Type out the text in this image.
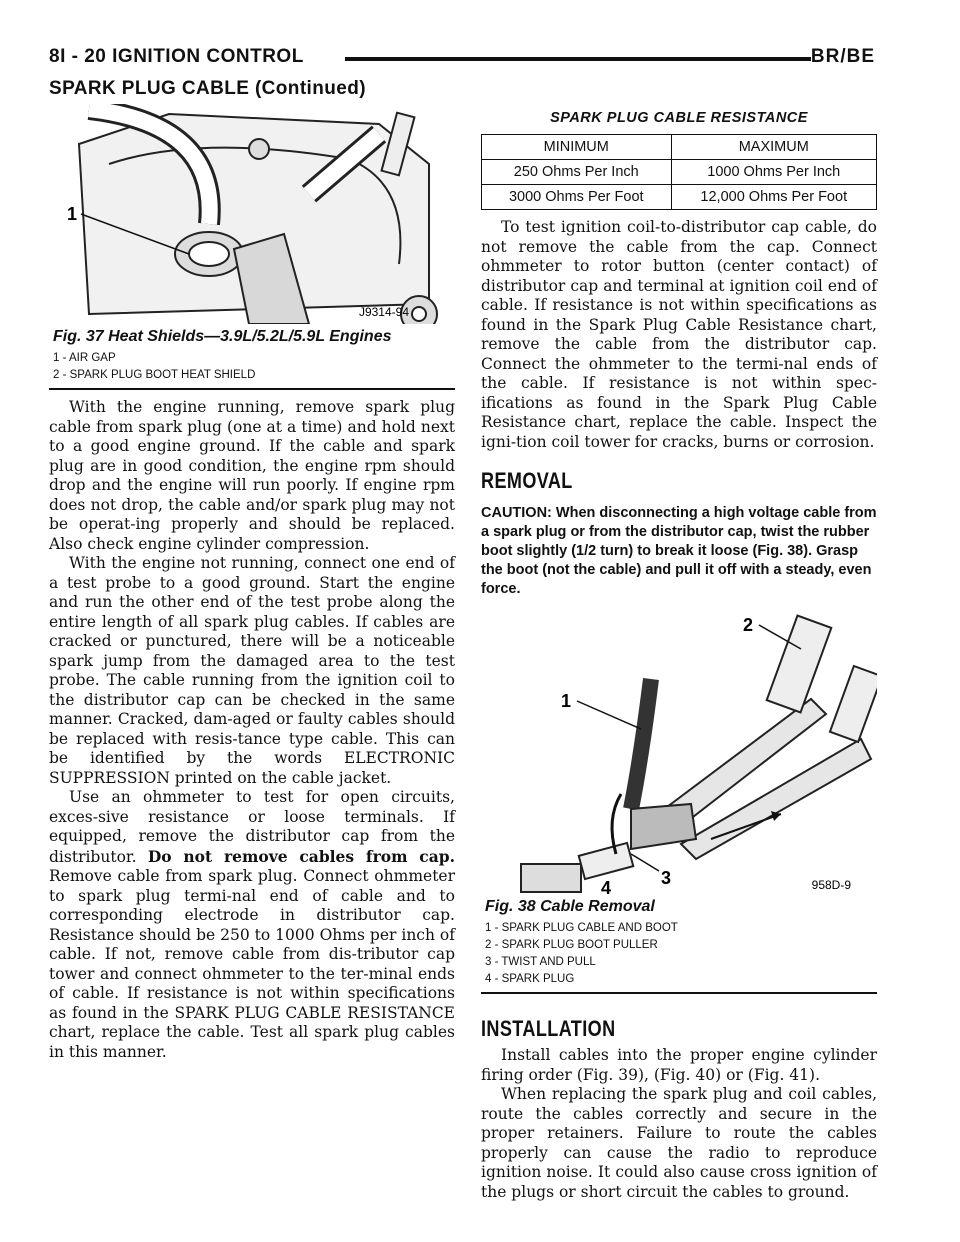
8I - 20 IGNITION CONTROL	BR/BE
SPARK PLUG CABLE (Continued)
1
J9314-94
Fig. 37 Heat Shields—3.9L/5.2L/5.9L Engines
1 - AIR GAP
2 - SPARK PLUG BOOT HEAT SHIELD

With the engine running, remove spark plug cable from spark plug (one at a time) and hold next to a good engine ground. If the cable and spark plug are in good condition, the engine rpm should drop and the engine will run poorly. If engine rpm does not drop, the cable and/or spark plug may not be operat-ing properly and should be replaced. Also check engine cylinder compression.

With the engine not running, connect one end of a test probe to a good ground. Start the engine and run the other end of the test probe along the entire length of all spark plug cables. If cables are cracked or punctured, there will be a noticeable spark jump from the damaged area to the test probe. The cable running from the ignition coil to the distributor cap can be checked in the same manner. Cracked, dam-aged or faulty cables should be replaced with resis-tance type cable. This can be identified by the words ELECTRONIC SUPPRESSION printed on the cable jacket.

Use an ohmmeter to test for open circuits, exces-sive resistance or loose terminals. If equipped, remove the distributor cap from the distributor. Do not remove cables from cap. Remove cable from spark plug. Connect ohmmeter to spark plug termi-nal end of cable and to corresponding electrode in distributor cap. Resistance should be 250 to 1000 Ohms per inch of cable. If not, remove cable from dis-tributor cap tower and connect ohmmeter to the ter-minal ends of cable. If resistance is not within specifications as found in the SPARK PLUG CABLE RESISTANCE chart, replace the cable. Test all spark plug cables in this manner.

SPARK PLUG CABLE RESISTANCE
MINIMUM	MAXIMUM
250 Ohms Per Inch	1000 Ohms Per Inch
3000 Ohms Per Foot	12,000 Ohms Per Foot

To test ignition coil-to-distributor cap cable, do not remove the cable from the cap. Connect ohmmeter to rotor button (center contact) of distributor cap and terminal at ignition coil end of cable. If resistance is not within specifications as found in the Spark Plug Cable Resistance chart, remove the cable from the distributor cap. Connect the ohmmeter to the termi-nal ends of the cable. If resistance is not within spec-ifications as found in the Spark Plug Cable Resistance chart, replace the cable. Inspect the igni-tion coil tower for cracks, burns or corrosion.

REMOVAL

CAUTION: When disconnecting a high voltage cable from a spark plug or from the distributor cap, twist the rubber boot slightly (1/2 turn) to break it loose (Fig. 38). Grasp the boot (not the cable) and pull it off with a steady, even force.

2
1
3
4	958D-9
Fig. 38 Cable Removal
1 - SPARK PLUG CABLE AND BOOT
2 - SPARK PLUG BOOT PULLER
3 - TWIST AND PULL
4 - SPARK PLUG
INSTALLATION

Install cables into the proper engine cylinder firing order (Fig. 39), (Fig. 40) or (Fig. 41).

When replacing the spark plug and coil cables, route the cables correctly and secure in the proper retainers. Failure to route the cables properly can cause the radio to reproduce ignition noise. It could also cause cross ignition of the plugs or short circuit the cables to ground.
